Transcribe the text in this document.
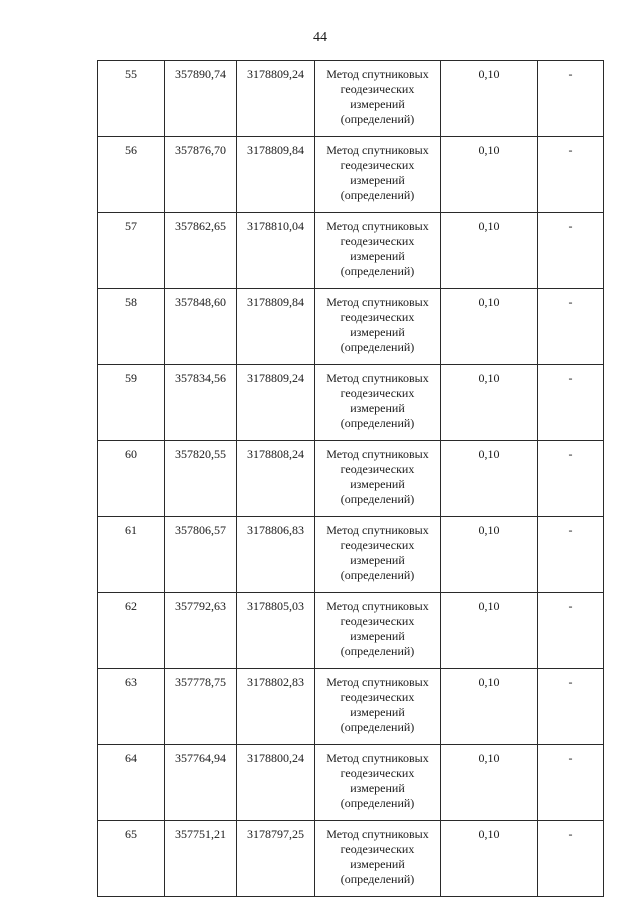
44
55	357890,74	3178809,24	Метод спутниковых
геодезических
измерений
(определений)	0,10	-
56	357876,70	3178809,84	Метод спутниковых
геодезических
измерений
(определений)	0,10	-
57	357862,65	3178810,04	Метод спутниковых
геодезических
измерений
(определений)	0,10	-
58	357848,60	3178809,84	Метод спутниковых
геодезических
измерений
(определений)	0,10	-
59	357834,56	3178809,24	Метод спутниковых
геодезических
измерений
(определений)	0,10	-
60	357820,55	3178808,24	Метод спутниковых
геодезических
измерений
(определений)	0,10	-
61	357806,57	3178806,83	Метод спутниковых
геодезических
измерений
(определений)	0,10	-
62	357792,63	3178805,03	Метод спутниковых
геодезических
измерений
(определений)	0,10	-
63	357778,75	3178802,83	Метод спутниковых
геодезических
измерений
(определений)	0,10	-
64	357764,94	3178800,24	Метод спутниковых
геодезических
измерений
(определений)	0,10	-
65	357751,21	3178797,25	Метод спутниковых
геодезических
измерений
(определений)	0,10	-
